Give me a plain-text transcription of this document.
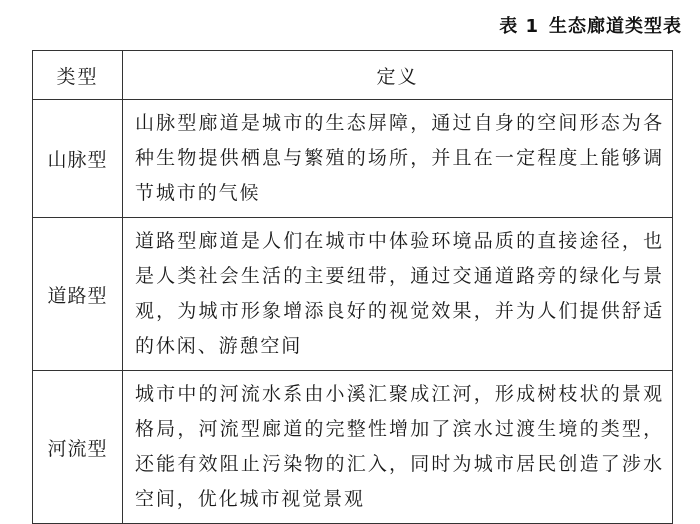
表 1 生态廊道类型表
类型	定义
山脉型	山脉型廊道是城市的生态屏障，通过自身的空间形态为各种生物提供栖息与繁殖的场所，并且在一定程度上能够调节城市的气候
道路型	道路型廊道是人们在城市中体验环境品质的直接途径，也是人类社会生活的主要纽带，通过交通道路旁的绿化与景观，为城市形象增添良好的视觉效果，并为人们提供舒适的休闲、游憩空间
河流型	城市中的河流水系由小溪汇聚成江河，形成树枝状的景观格局，河流型廊道的完整性增加了滨水过渡生境的类型，还能有效阻止污染物的汇入，同时为城市居民创造了涉水空间，优化城市视觉景观
